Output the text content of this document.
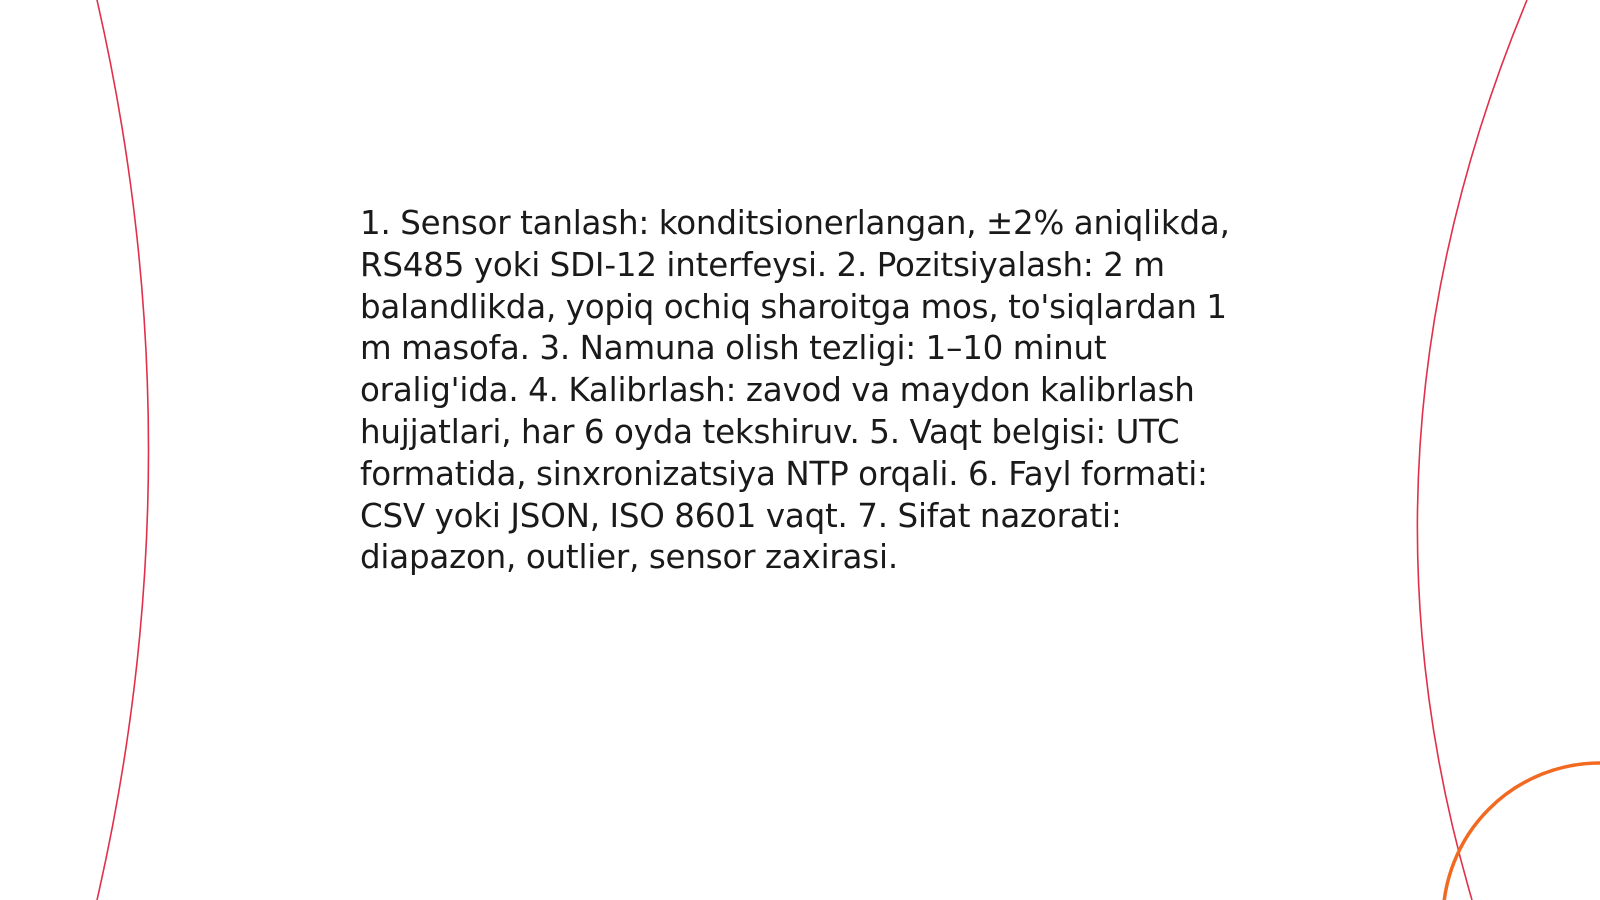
1. Sensor tanlash: konditsionerlangan, ±2% aniqlikda, RS485 yoki SDI-12 interfeysi. 2. Pozitsiyalash: 2 m balandlikda, yopiq ochiq sharoitga mos, to'siqlardan 1 m masofa. 3. Namuna olish tezligi: 1–10 minut oralig'ida. 4. Kalibrlash: zavod va maydon kalibrlash hujjatlari, har 6 oyda tekshiruv. 5. Vaqt belgisi: UTC formatida, sinxronizatsiya NTP orqali. 6. Fayl formati: CSV yoki JSON, ISO 8601 vaqt. 7. Sifat nazorati: diapazon, outlier, sensor zaxirasi.
